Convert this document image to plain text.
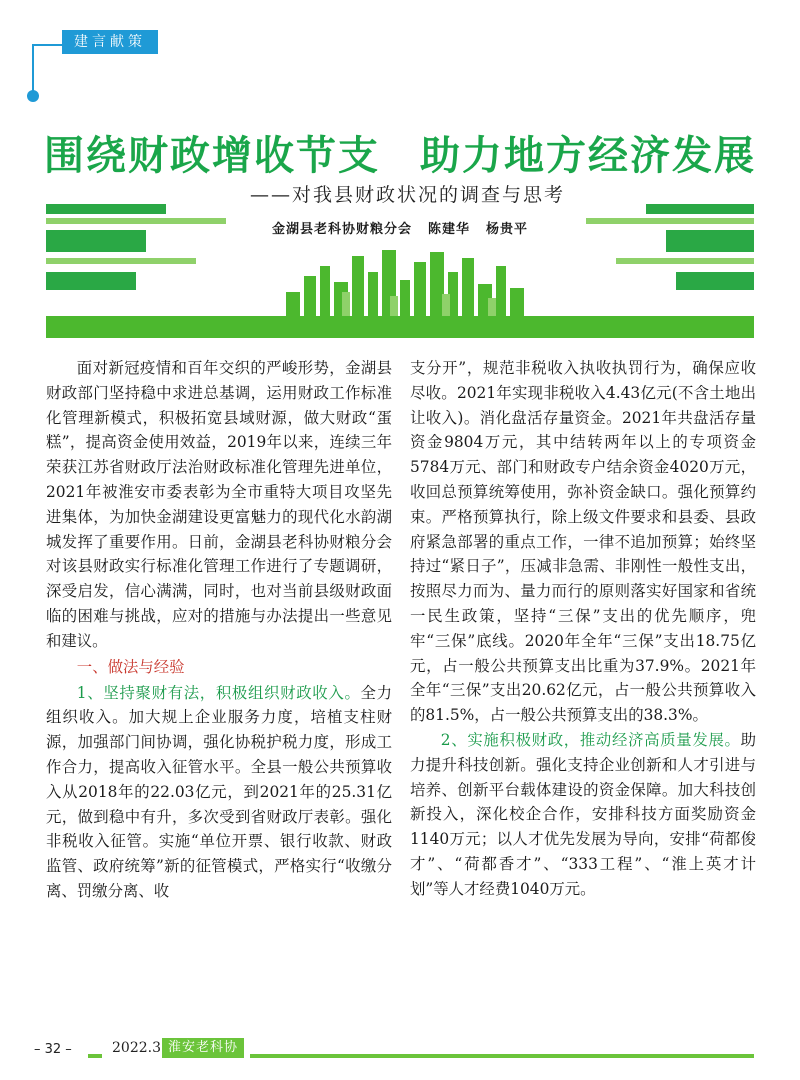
建言献策
围绕财政增收节支 助力地方经济发展
——对我县财政状况的调查与思考
金湖县老科协财粮分会 陈建华 杨贵平

面对新冠疫情和百年交织的严峻形势，金湖县财政部门坚持稳中求进总基调，运用财政工作标准化管理新模式，积极拓宽县域财源，做大财政“蛋糕”，提高资金使用效益，2019年以来，连续三年荣获江苏省财政厅法治财政标准化管理先进单位，2021年被淮安市委表彰为全市重特大项目攻坚先进集体，为加快金湖建设更富魅力的现代化水韵湖城发挥了重要作用。日前，金湖县老科协财粮分会对该县财政实行标准化管理工作进行了专题调研，深受启发，信心满满，同时，也对当前县级财政面临的困难与挑战，应对的措施与办法提出一些意见和建议。

一、做法与经验

1、坚持聚财有法，积极组织财政收入。全力组织收入。加大规上企业服务力度，培植支柱财源，加强部门间协调，强化协税护税力度，形成工作合力，提高收入征管水平。全县一般公共预算收入从2018年的22.03亿元，到2021年的25.31亿元，做到稳中有升，多次受到省财政厅表彰。强化非税收入征管。实施“单位开票、银行收款、财政监管、政府统筹”新的征管模式，严格实行“收缴分离、罚缴分离、收

支分开”，规范非税收入执收执罚行为，确保应收尽收。2021年实现非税收入4.43亿元(不含土地出让收入)。消化盘活存量资金。2021年共盘活存量资金9804万元，其中结转两年以上的专项资金5784万元、部门和财政专户结余资金4020万元，收回总预算统筹使用，弥补资金缺口。强化预算约束。严格预算执行，除上级文件要求和县委、县政府紧急部署的重点工作，一律不追加预算；始终坚持过“紧日子”，压减非急需、非刚性一般性支出，按照尽力而为、量力而行的原则落实好国家和省统一民生政策，坚持“三保”支出的优先顺序，兜牢“三保”底线。2020年全年“三保”支出18.75亿元，占一般公共预算支出比重为37.9%。2021年全年“三保”支出20.62亿元，占一般公共预算收入的81.5%，占一般公共预算支出的38.3%。

2、实施积极财政，推动经济高质量发展。助力提升科技创新。强化支持企业创新和人才引进与培养、创新平台载体建设的资金保障。加大科技创新投入，深化校企合作，安排科技方面奖励资金1140万元；以人才优先发展为导向，安排“荷都俊才”、“荷都香才”、“333工程”、“淮上英才计划”等人才经费1040万元。

– 32 –	2022.3 淮安老科协
